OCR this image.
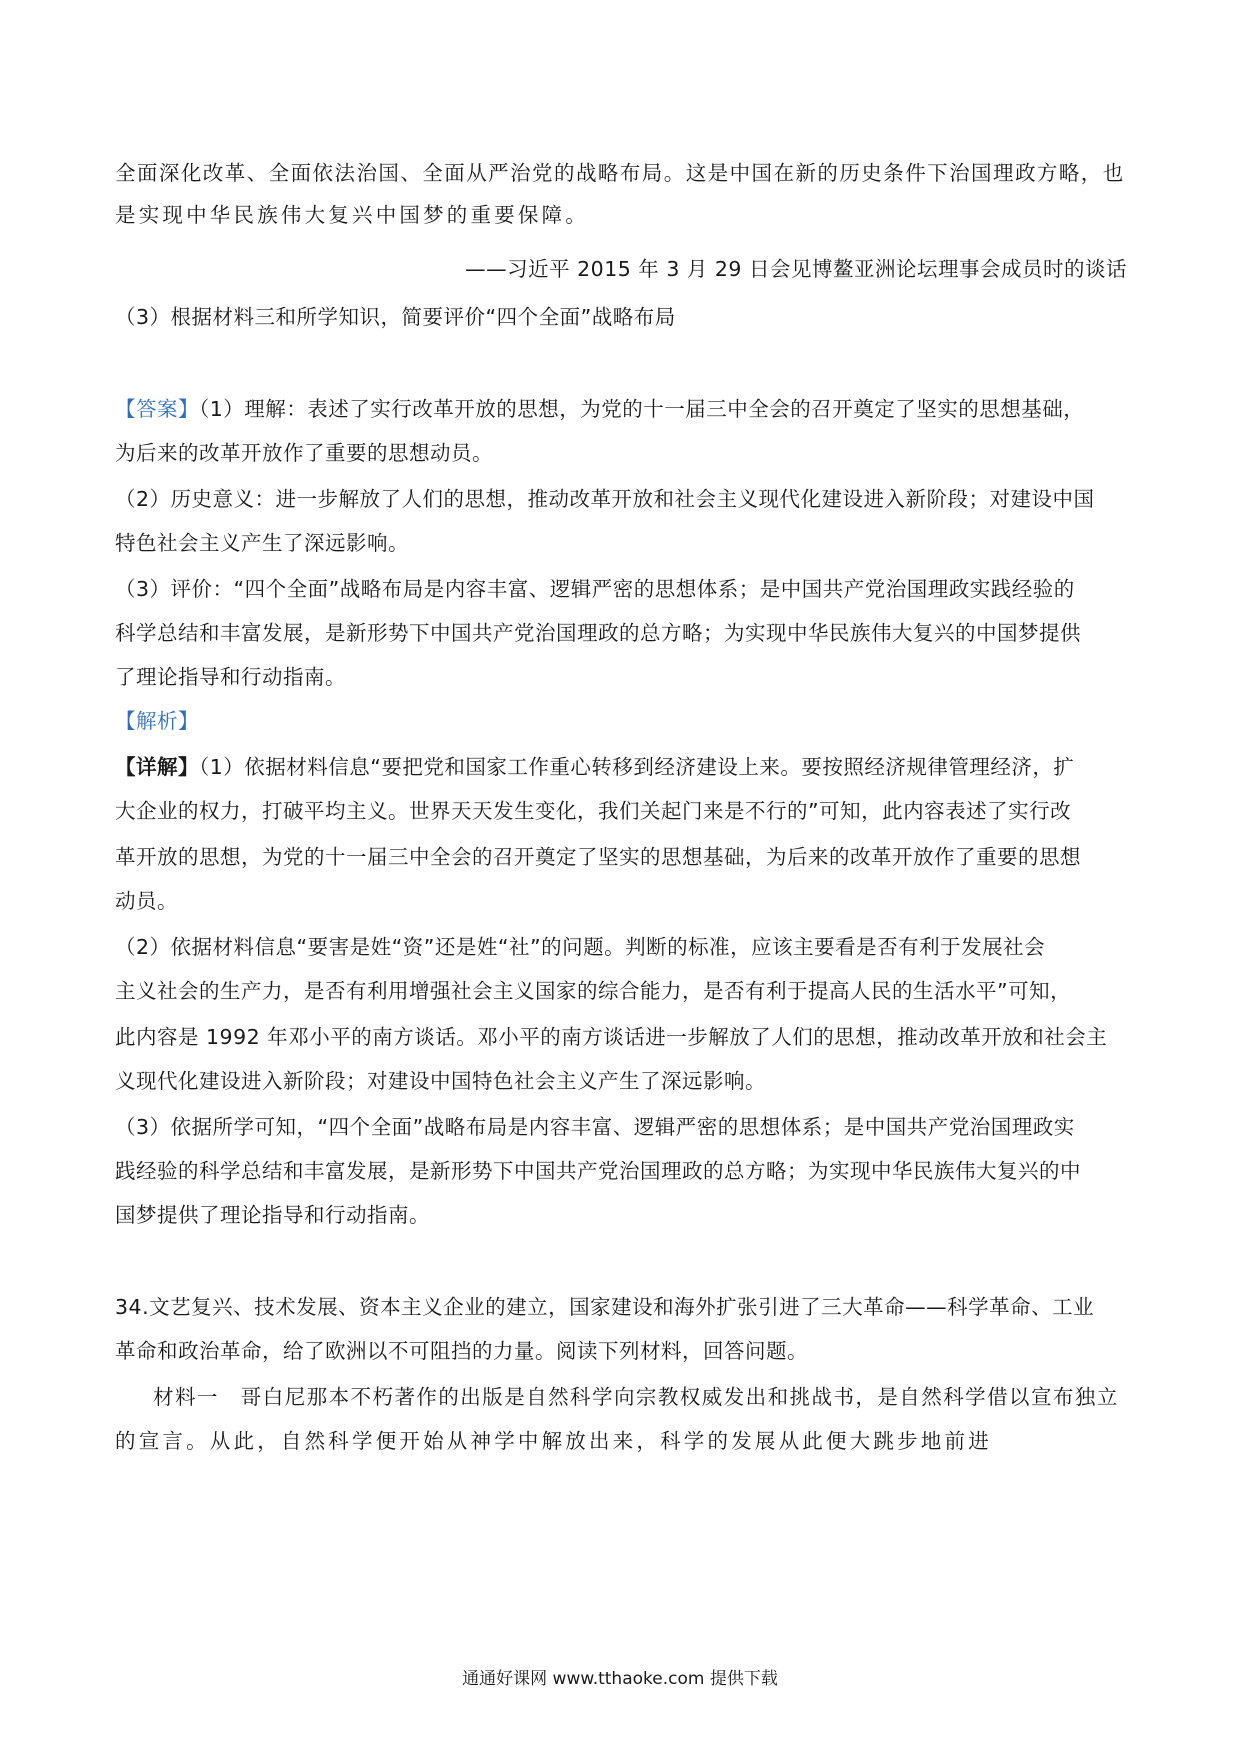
全面深化改革、全面依法治国、全面从严治党的战略布局。这是中国在新的历史条件下治国理政方略，也
是实现中华民族伟大复兴中国梦的重要保障。
——习近平 2015 年 3 月 29 日会见博鳌亚洲论坛理事会成员时的谈话
（3）根据材料三和所学知识，简要评价“四个全面”战略布局
【答案】（1）理解：表述了实行改革开放的思想，为党的十一届三中全会的召开奠定了坚实的思想基础，
为后来的改革开放作了重要的思想动员。
（2）历史意义：进一步解放了人们的思想，推动改革开放和社会主义现代化建设进入新阶段；对建设中国
特色社会主义产生了深远影响。
（3）评价：“四个全面”战略布局是内容丰富、逻辑严密的思想体系；是中国共产党治国理政实践经验的
科学总结和丰富发展，是新形势下中国共产党治国理政的总方略；为实现中华民族伟大复兴的中国梦提供
了理论指导和行动指南。
【解析】
【详解】（1）依据材料信息“要把党和国家工作重心转移到经济建设上来。要按照经济规律管理经济，扩
大企业的权力，打破平均主义。世界天天发生变化，我们关起门来是不行的”可知，此内容表述了实行改
革开放的思想，为党的十一届三中全会的召开奠定了坚实的思想基础，为后来的改革开放作了重要的思想
动员。
（2）依据材料信息“要害是姓“资”还是姓“社”的问题。判断的标准，应该主要看是否有利于发展社会
主义社会的生产力，是否有利用增强社会主义国家的综合能力，是否有利于提高人民的生活水平”可知，
此内容是 1992 年邓小平的南方谈话。邓小平的南方谈话进一步解放了人们的思想，推动改革开放和社会主
义现代化建设进入新阶段；对建设中国特色社会主义产生了深远影响。
（3）依据所学可知，“四个全面”战略布局是内容丰富、逻辑严密的思想体系；是中国共产党治国理政实
践经验的科学总结和丰富发展，是新形势下中国共产党治国理政的总方略；为实现中华民族伟大复兴的中
国梦提供了理论指导和行动指南。
34.文艺复兴、技术发展、资本主义企业的建立，国家建设和海外扩张引进了三大革命——科学革命、工业
革命和政治革命，给了欧洲以不可阻挡的力量。阅读下列材料，回答问题。
材料一　哥白尼那本不朽著作的出版是自然科学向宗教权威发出和挑战书，是自然科学借以宣布独立
的宣言。从此，自然科学便开始从神学中解放出来，科学的发展从此便大跳步地前进
通通好课网 www.tthaoke.com 提供下载
